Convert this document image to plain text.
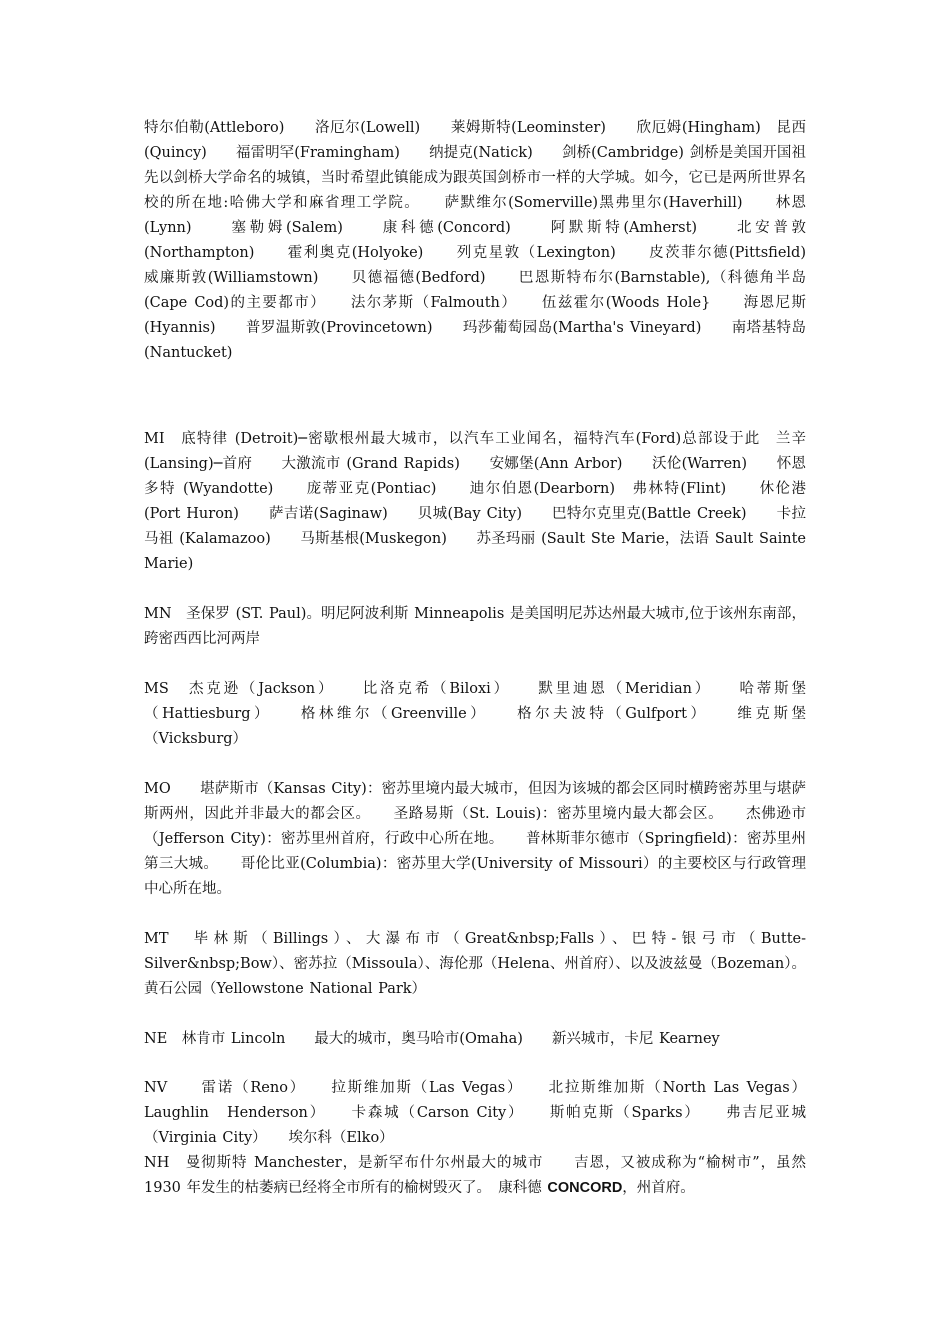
特尔伯勒(Attleboro)　　洛厄尔(Lowell)　　莱姆斯特(Leominster)　　欣厄姆(Hingham)　昆西(Quincy)　　福雷明罕(Framingham)　　纳提克(Natick)　　剑桥(Cambridge) 剑桥是美国开国祖先以剑桥大学命名的城镇，当时希望此镇能成为跟英国剑桥市一样的大学城。如今，它已是两所世界名校的所在地:哈佛大学和麻省理工学院。　　萨默维尔(Somerville)黑弗里尔(Haverhill)　　林恩(Lynn)　　塞勒姆(Salem)　　康科德(Concord)　　阿默斯特(Amherst)　　北安普敦(Northampton)　　霍利奥克(Holyoke)　　列克星敦（Lexington)　　皮茨菲尔德(Pittsfield)　　威廉斯敦(Williamstown)　　贝德福德(Bedford)　　巴恩斯特布尔(Barnstable),（科德角半岛(Cape Cod)的主要都市）　　法尔茅斯（Falmouth）　　伍兹霍尔(Woods Hole}　　海恩尼斯(Hyannis)　　普罗温斯敦(Provincetown)　　玛莎葡萄园岛(Martha's Vineyard)　　南塔基特岛(Nantucket)

MI　底特律 (Detroit)─密歇根州最大城市，以汽车工业闻名，福特汽车(Ford)总部设于此　兰辛 (Lansing)─首府　　大激流市 (Grand Rapids)　　安娜堡(Ann Arbor)　　沃伦(Warren)　　怀恩多特 (Wyandotte)　　庞蒂亚克(Pontiac)　　迪尔伯恩(Dearborn)　弗林特(Flint)　　休伦港 (Port Huron)　　萨吉诺(Saginaw)　　贝城(Bay City)　　巴特尔克里克(Battle Creek)　　卡拉马祖 (Kalamazoo)　　马斯基根(Muskegon)　　苏圣玛丽 (Sault Ste Marie，法语 Sault Sainte Marie)

MN　圣保罗 (ST. Paul)。明尼阿波利斯 Minneapolis 是美国明尼苏达州最大城市,位于该州东南部，跨密西西比河两岸

MS　杰克逊（Jackson）　　比洛克希（Biloxi）　　默里迪恩（Meridian）　　哈蒂斯堡（Hattiesburg）　　格林维尔（Greenville）　　格尔夫波特（Gulfport）　　维克斯堡（Vicksburg）

MO　　堪萨斯市（Kansas City)：密苏里境内最大城市，但因为该城的都会区同时横跨密苏里与堪萨斯两州，因此并非最大的都会区。　　圣路易斯（St. Louis)：密苏里境内最大都会区。　　杰佛逊市（Jefferson City)：密苏里州首府，行政中心所在地。　　普林斯菲尔德市（Springfield)：密苏里州第三大城。　　哥伦比亚(Columbia)：密苏里大学(University of Missouri）的主要校区与行政管理中心所在地。

MT　毕林斯（Billings）、大瀑布市（Great&nbsp;Falls）、巴特-银弓市（Butte-Silver&nbsp;Bow）、密苏拉（Missoula）、海伦那（Helena、州首府）、以及波兹曼（Bozeman）。黄石公园（Yellowstone National Park）

NE　林肯市 Lincoln　　最大的城市，奥马哈市(Omaha)　　新兴城市，卡尼 Kearney

NV　　雷诺（Reno）　　拉斯维加斯（Las Vegas）　　北拉斯维加斯（North Las Vegas）Laughlin　Henderson）　　卡森城（Carson City）　　斯帕克斯（Sparks）　　弗吉尼亚城（Virginia City）　　埃尔科（Elko）

NH　曼彻斯特 Manchester，是新罕布什尔州最大的城市　　吉恩，又被成称为“榆树市”，虽然 1930 年发生的枯萎病已经将全市所有的榆树毁灭了。　康科德 CONCORD，州首府。
